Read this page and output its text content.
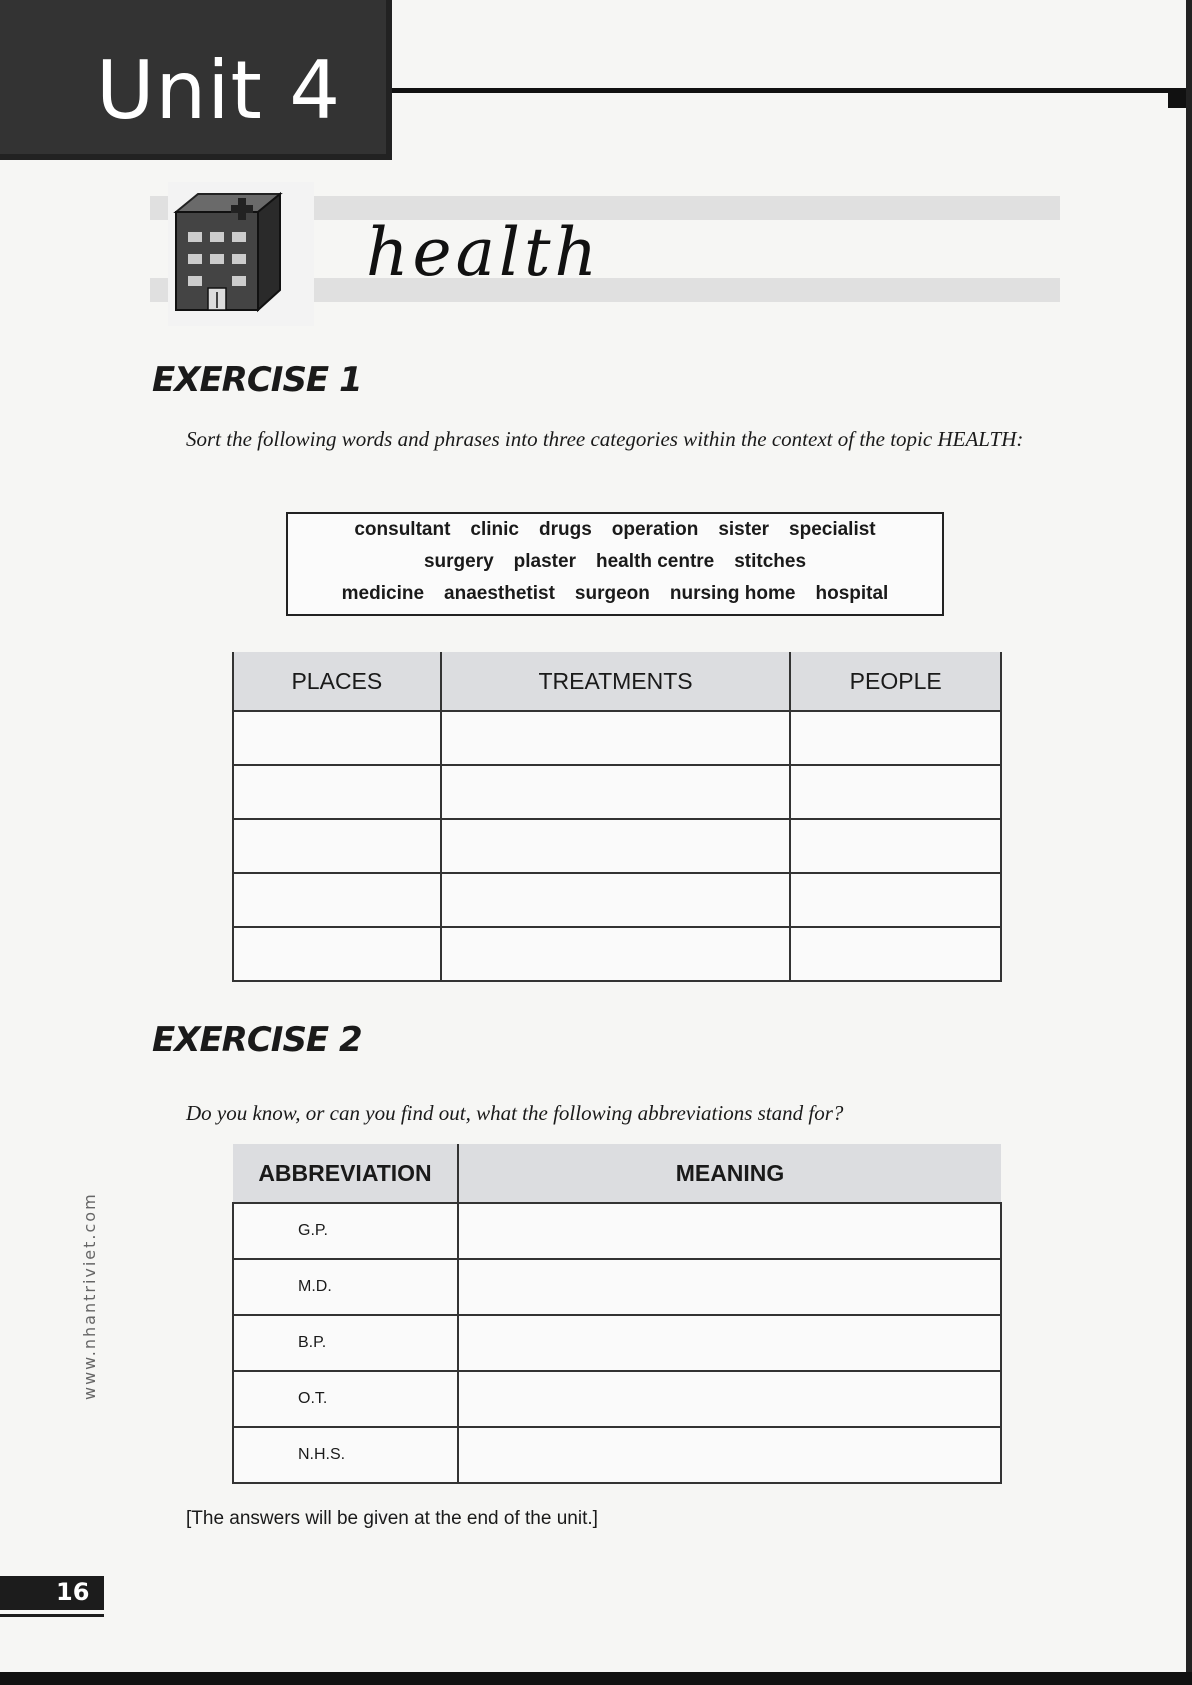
Unit 4
health
EXERCISE 1
Sort the following words and phrases into three categories within the context of the topic HEALTH:
consultant clinic drugs operation sister specialist
surgery plaster health centre stitches
medicine anaesthetist surgeon nursing home hospital
PLACES	TREATMENTS	PEOPLE

EXERCISE 2
Do you know, or can you find out, what the following abbreviations stand for?
ABBREVIATION	MEANING
G.P.	
M.D.	
B.P.	
O.T.	
N.H.S.	
[The answers will be given at the end of the unit.]
www.nhantriviet.com
16
